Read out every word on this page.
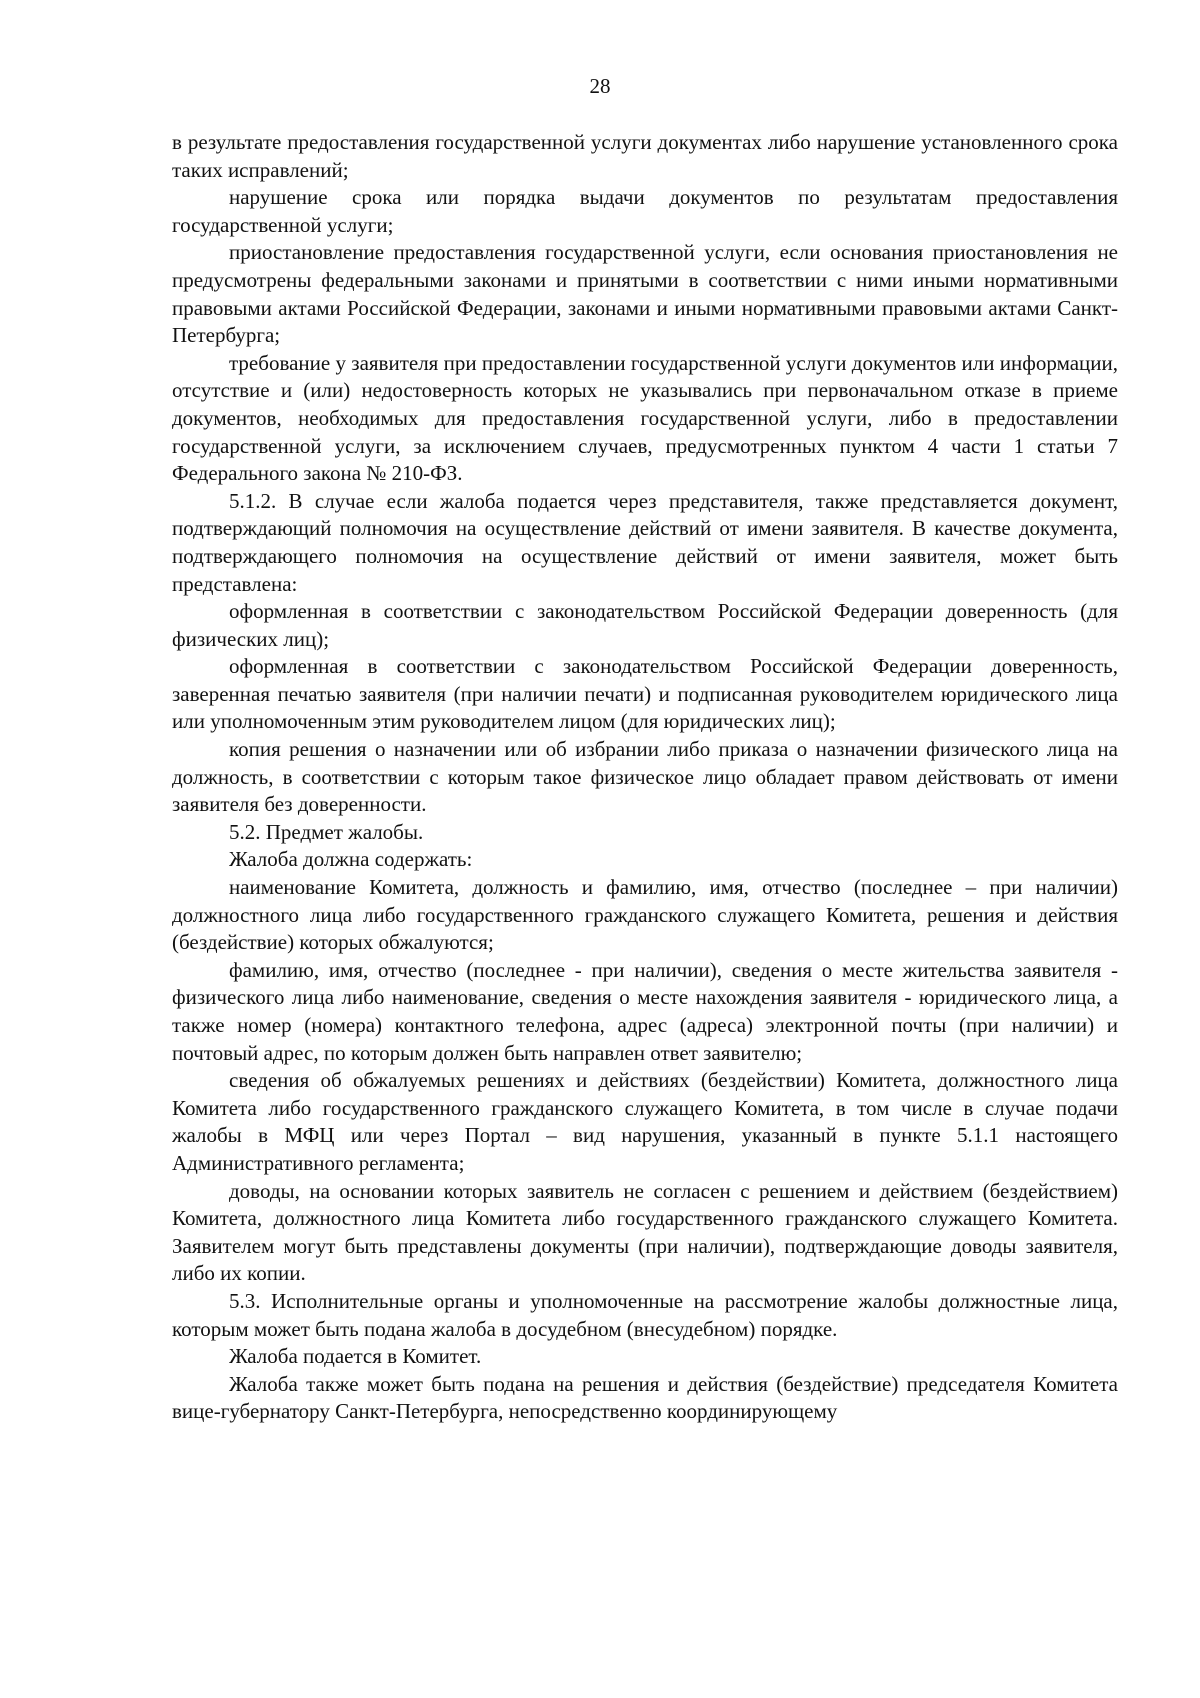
28

в результате предоставления государственной услуги документах либо нарушение установленного срока таких исправлений;

нарушение срока или порядка выдачи документов по результатам предоставления государственной услуги;

приостановление предоставления государственной услуги, если основания приостановления не предусмотрены федеральными законами и принятыми в соответствии с ними иными нормативными правовыми актами Российской Федерации, законами и иными нормативными правовыми актами Санкт-Петербурга;

требование у заявителя при предоставлении государственной услуги документов или информации, отсутствие и (или) недостоверность которых не указывались при первоначальном отказе в приеме документов, необходимых для предоставления государственной услуги, либо в предоставлении государственной услуги, за исключением случаев, предусмотренных пунктом 4 части 1 статьи 7 Федерального закона № 210-ФЗ.

5.1.2. В случае если жалоба подается через представителя, также представляется документ, подтверждающий полномочия на осуществление действий от имени заявителя. В качестве документа, подтверждающего полномочия на осуществление действий от имени заявителя, может быть представлена:

оформленная в соответствии с законодательством Российской Федерации доверенность (для физических лиц);

оформленная в соответствии с законодательством Российской Федерации доверенность, заверенная печатью заявителя (при наличии печати) и подписанная руководителем юридического лица или уполномоченным этим руководителем лицом (для юридических лиц);

копия решения о назначении или об избрании либо приказа о назначении физического лица на должность, в соответствии с которым такое физическое лицо обладает правом действовать от имени заявителя без доверенности.

5.2. Предмет жалобы.

Жалоба должна содержать:

наименование Комитета, должность и фамилию, имя, отчество (последнее – при наличии) должностного лица либо государственного гражданского служащего Комитета, решения и действия (бездействие) которых обжалуются;

фамилию, имя, отчество (последнее - при наличии), сведения о месте жительства заявителя - физического лица либо наименование, сведения о месте нахождения заявителя - юридического лица, а также номер (номера) контактного телефона, адрес (адреса) электронной почты (при наличии) и почтовый адрес, по которым должен быть направлен ответ заявителю;

сведения об обжалуемых решениях и действиях (бездействии) Комитета, должностного лица Комитета либо государственного гражданского служащего Комитета, в том числе в случае подачи жалобы в МФЦ или через Портал – вид нарушения, указанный в пункте 5.1.1 настоящего Административного регламента;

доводы, на основании которых заявитель не согласен с решением и действием (бездействием) Комитета, должностного лица Комитета либо государственного гражданского служащего Комитета. Заявителем могут быть представлены документы (при наличии), подтверждающие доводы заявителя, либо их копии.

5.3. Исполнительные органы и уполномоченные на рассмотрение жалобы должностные лица, которым может быть подана жалоба в досудебном (внесудебном) порядке.

Жалоба подается в Комитет.

Жалоба также может быть подана на решения и действия (бездействие) председателя Комитета вице-губернатору Санкт-Петербурга, непосредственно координирующему
